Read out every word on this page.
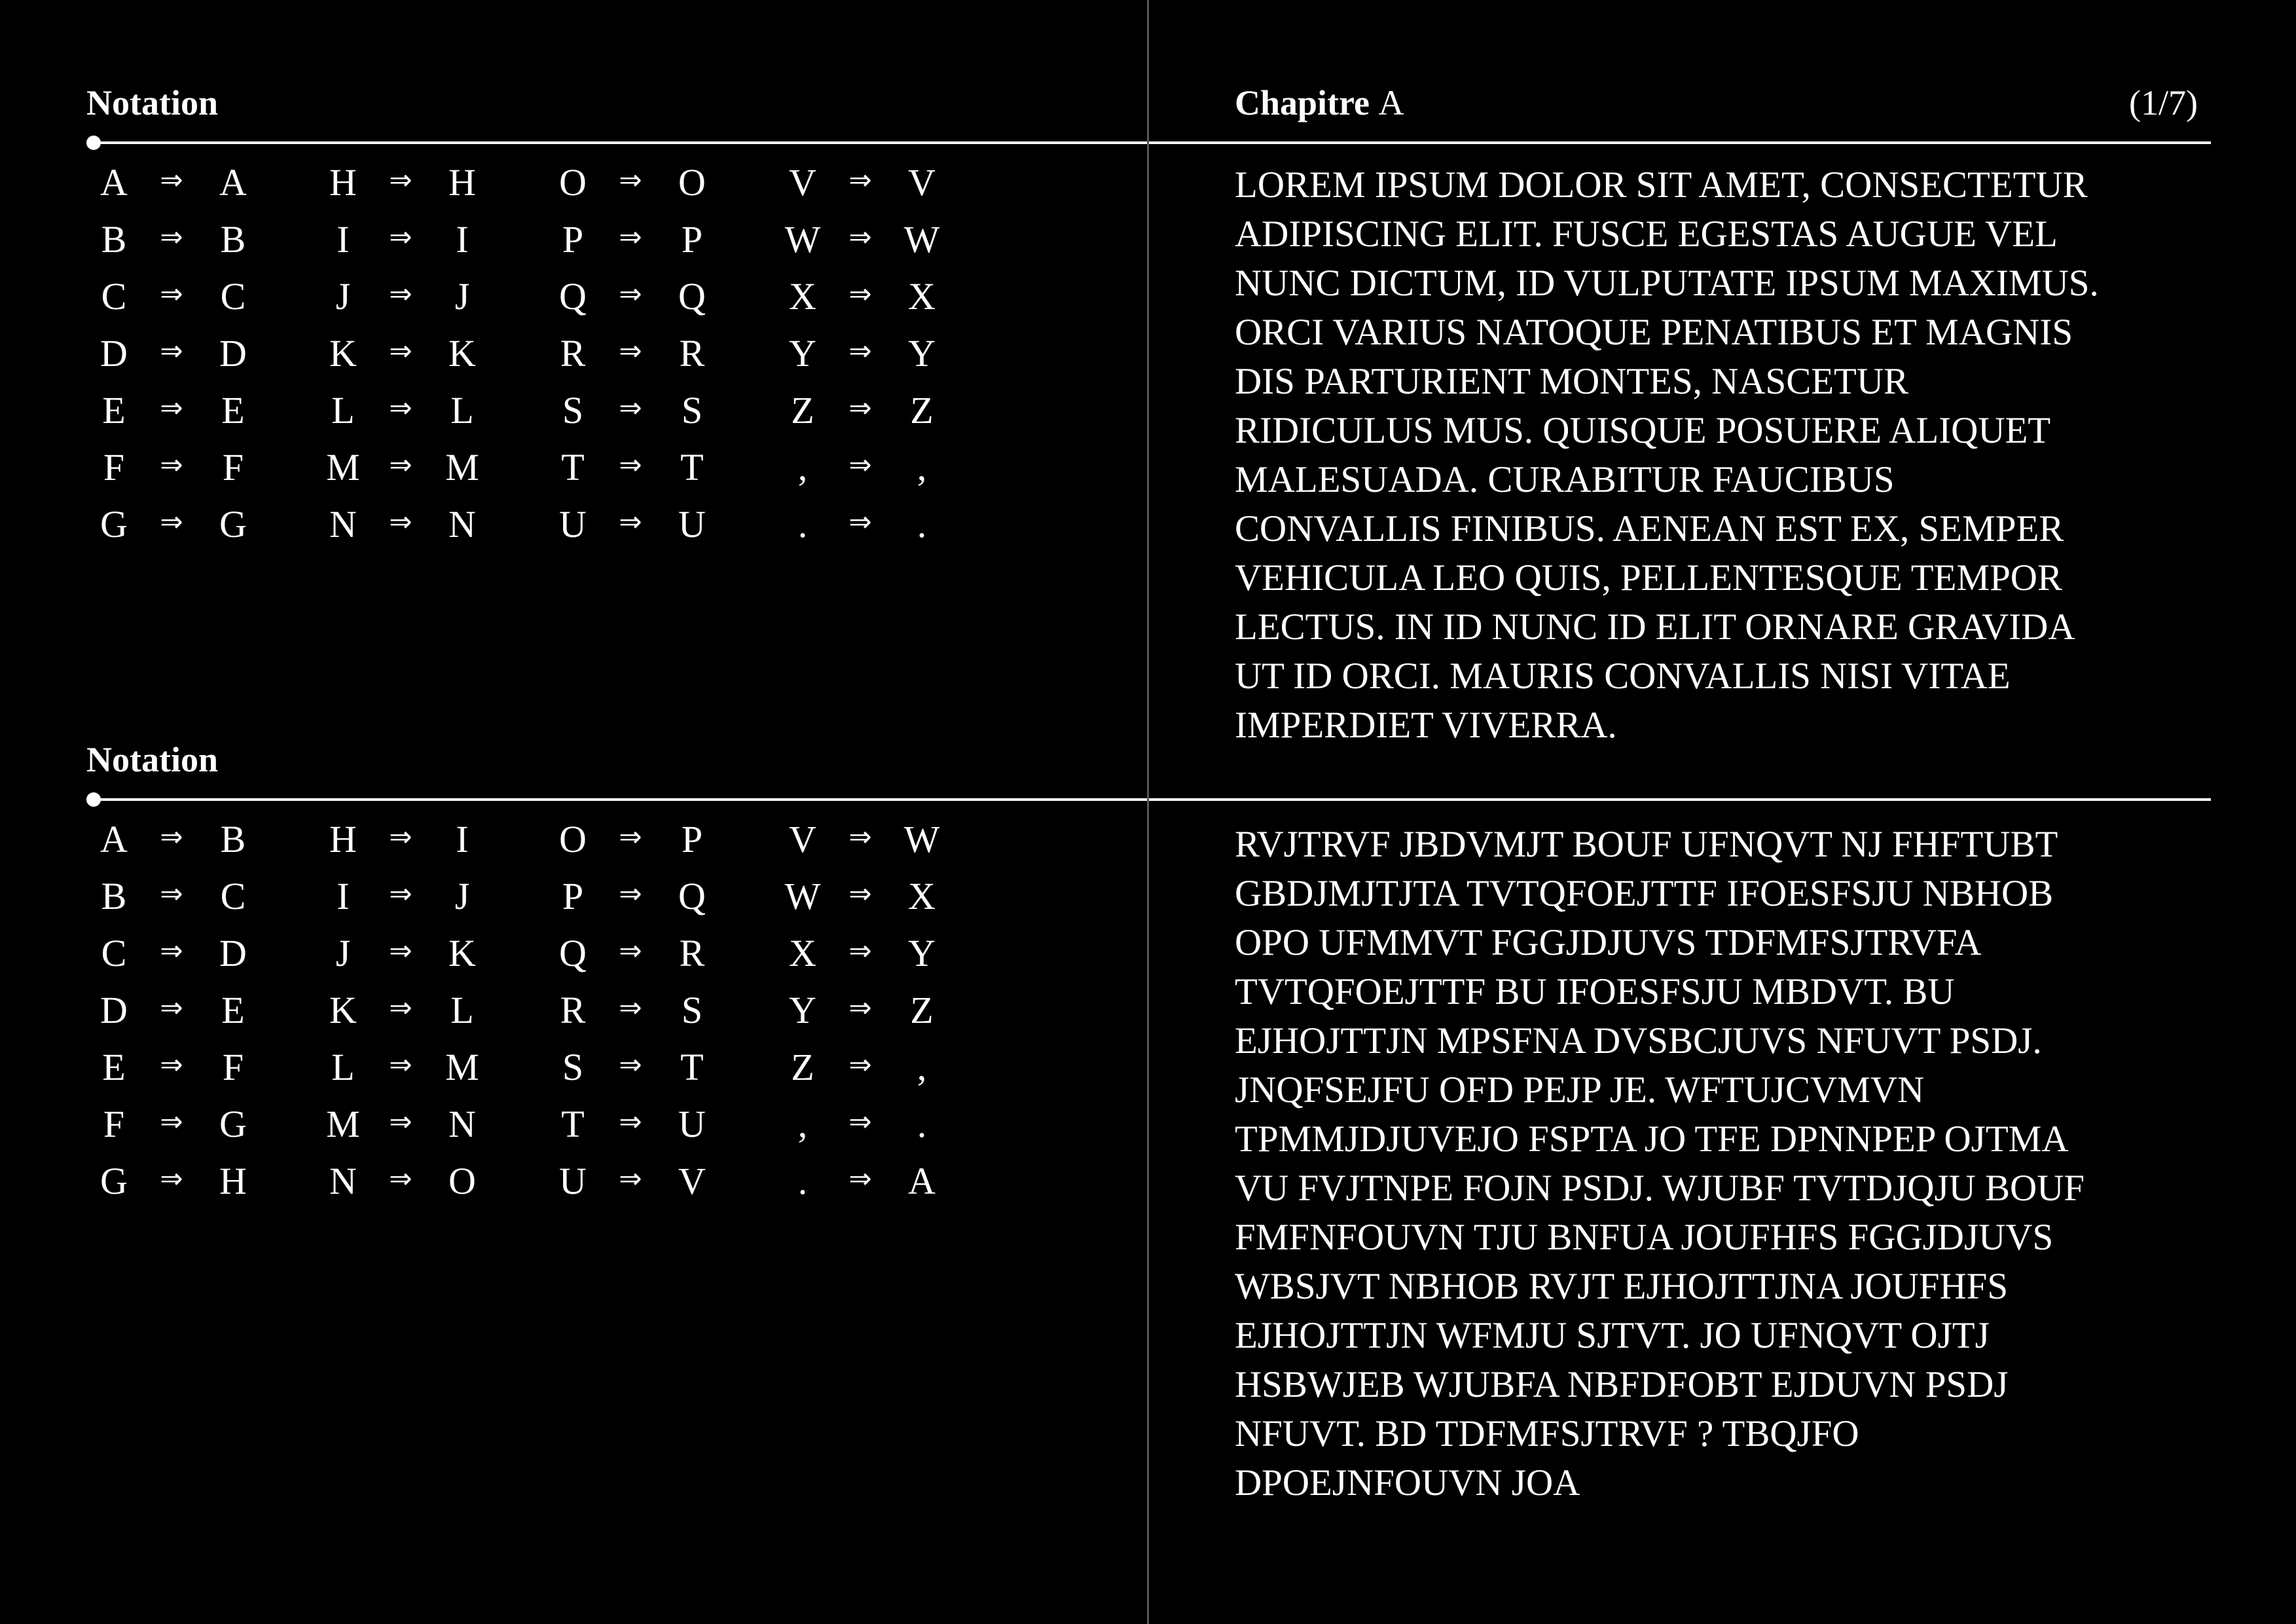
Notation
A	⇒ A	H	⇒ H	O	⇒ O	V	⇒ V
B	⇒ B	I	⇒	I	P	⇒	P	W	⇒ W
C	⇒ C	J	⇒	J	Q	⇒ Q	X	⇒ X
D	⇒ D	K	⇒ K	R	⇒ R	Y	⇒ Y
E	⇒	E	L	⇒	L	S	⇒	S	Z	⇒	Z
F	⇒	F	M	⇒ M	T	⇒	T	,	⇒	,
G	⇒ G	N	⇒ N	U	⇒ U	.	⇒	.
Notation
A	⇒ B	H	⇒	I	O	⇒	P	V	⇒ W
B	⇒ C	I	⇒	J	P	⇒ Q	W	⇒ X
C	⇒ D	J	⇒ K	Q	⇒ R	X	⇒ Y
D	⇒	E	K	⇒	L	R	⇒	S	Y	⇒	Z
E	⇒	F	L	⇒ M	S	⇒	T	Z	⇒	,
F	⇒ G	M	⇒ N	T	⇒ U	,	⇒	.
G	⇒ H	N	⇒ O	U	⇒ V	.	⇒ A
Chapitre A	(1/7)
LOREM IPSUM DOLOR SIT AMET, CONSECTETUR
ADIPISCING ELIT. FUSCE EGESTAS AUGUE VEL
NUNC DICTUM, ID VULPUTATE IPSUM MAXIMUS.
ORCI VARIUS NATOQUE PENATIBUS ET MAGNIS
DIS PARTURIENT MONTES, NASCETUR
RIDICULUS MUS. QUISQUE POSUERE ALIQUET
MALESUADA. CURABITUR FAUCIBUS
CONVALLIS FINIBUS. AENEAN EST EX, SEMPER
VEHICULA LEO QUIS, PELLENTESQUE TEMPOR
LECTUS. IN ID NUNC ID ELIT ORNARE GRAVIDA
UT ID ORCI. MAURIS CONVALLIS NISI VITAE
IMPERDIET VIVERRA.
RVJTRVF JBDVMJT BOUF UFNQVT NJ FHFTUBT
GBDJMJTJTA TVTQFOEJTTF IFOESFSJU NBHOB
OPO UFMMVT FGGJDJUVS TDFMFSJTRVFA
TVTQFOEJTTF BU IFOESFSJU MBDVT. BU
EJHOJTTJN MPSFNA DVSBCJUVS NFUVT PSDJ.
JNQFSEJFU OFD PEJP JE. WFTUJCVMVN
TPMMJDJUVEJO FSPTA JO TFE DPNNPEP OJTMA
VU FVJTNPE FOJN PSDJ. WJUBF TVTDJQJU BOUF
FMFNFOUVN TJU BNFUA JOUFHFS FGGJDJUVS
WBSJVT NBHOB RVJT EJHOJTTJNA JOUFHFS
EJHOJTTJN WFMJU SJTVT. JO UFNQVT OJTJ
HSBWJEB WJUBFA NBFDFOBT EJDUVN PSDJ
NFUVT. BD TDFMFSJTRVF ? TBQJFO
DPOEJNFOUVN JOA
